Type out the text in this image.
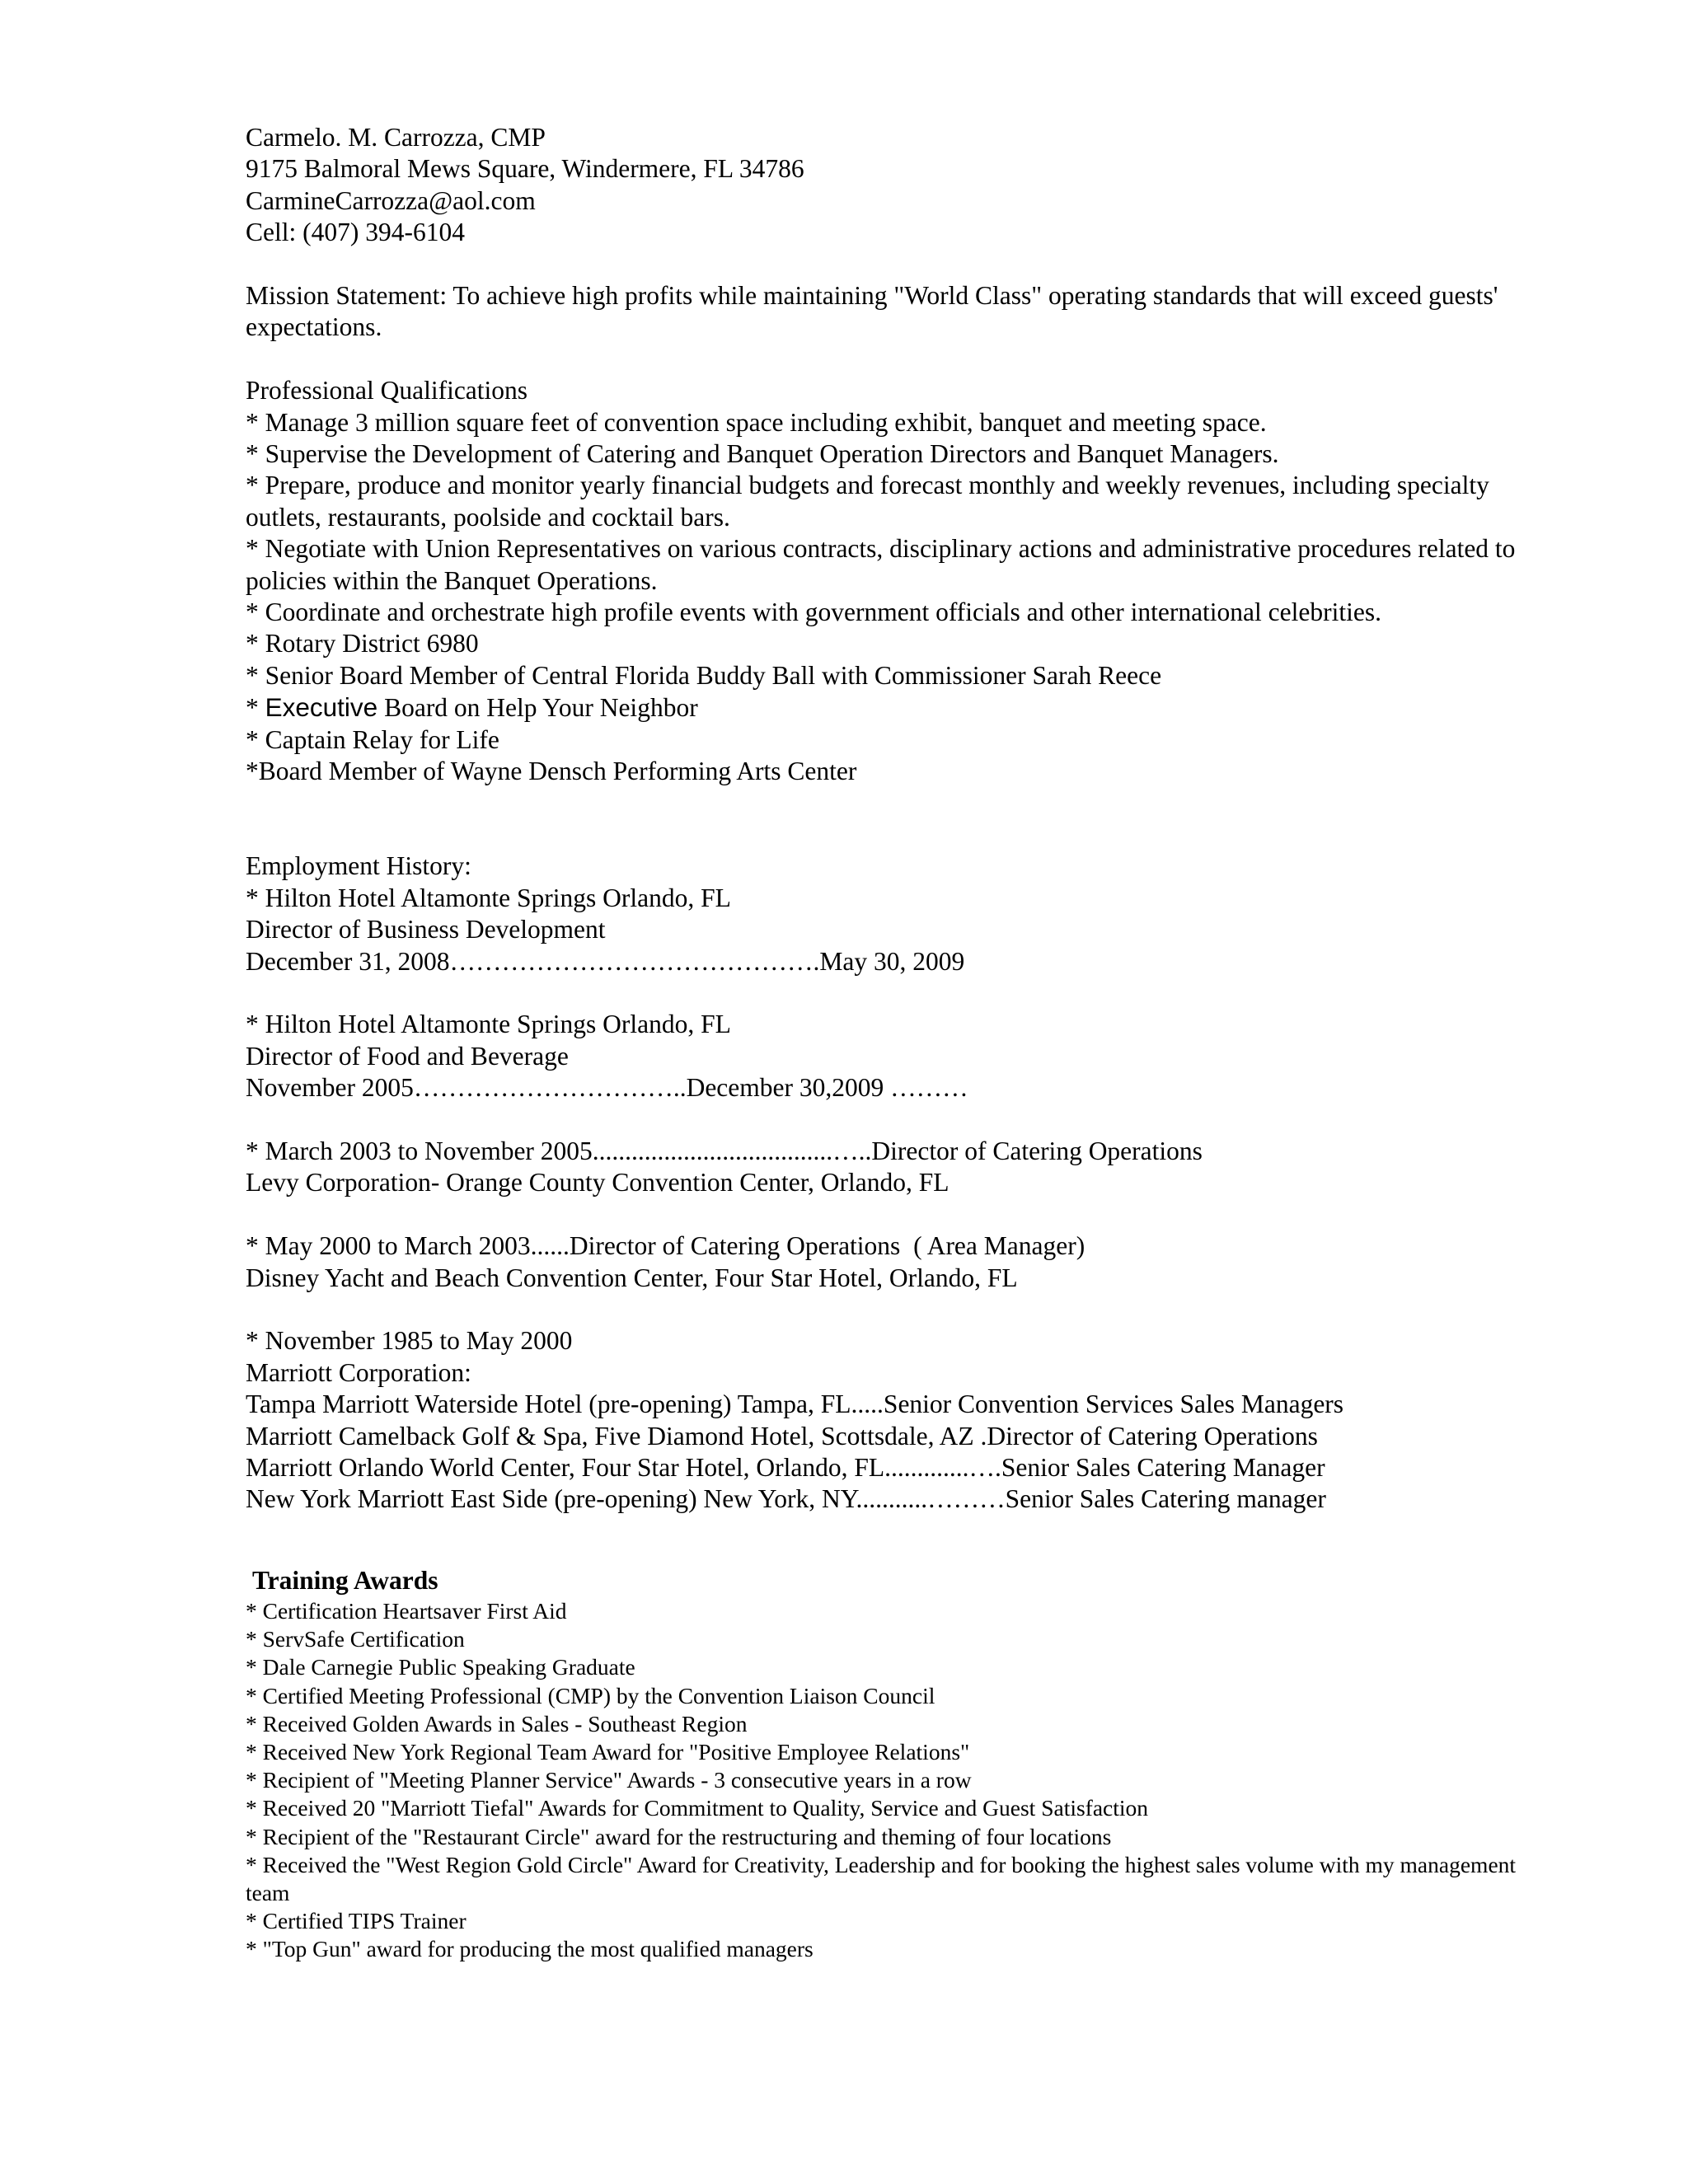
Carmelo. M. Carrozza, CMP
9175 Balmoral Mews Square, Windermere, FL 34786
CarmineCarrozza@aol.com
Cell: (407) 394-6104
Mission Statement: To achieve high profits while maintaining "World Class" operating standards that will exceed guests' expectations.
Professional Qualifications
* Manage 3 million square feet of convention space including exhibit, banquet and meeting space.
* Supervise the Development of Catering and Banquet Operation Directors and Banquet Managers.
* Prepare, produce and monitor yearly financial budgets and forecast monthly and weekly revenues, including specialty outlets, restaurants, poolside and cocktail bars.
* Negotiate with Union Representatives on various contracts, disciplinary actions and administrative procedures related to policies within the Banquet Operations.
* Coordinate and orchestrate high profile events with government officials and other international celebrities.
* Rotary District 6980
* Senior Board Member of Central Florida Buddy Ball with Commissioner Sarah Reece
* Executive Board on Help Your Neighbor
* Captain Relay for Life
*Board Member of Wayne Densch Performing Arts Center
Employment History:
* Hilton Hotel Altamonte Springs Orlando, FL
Director of Business Development
December 31, 2008…………………………………….May 30, 2009
* Hilton Hotel Altamonte Springs Orlando, FL
Director of Food and Beverage
November 2005…………………………..December 30,2009 ………
* March 2003 to November 2005.....................................…..Director of Catering Operations
Levy Corporation- Orange County Convention Center, Orlando, FL
* May 2000 to March 2003......Director of Catering Operations  ( Area Manager)
Disney Yacht and Beach Convention Center, Four Star Hotel, Orlando, FL
* November 1985 to May 2000
Marriott Corporation:
Tampa Marriott Waterside Hotel (pre-opening) Tampa, FL.....Senior Convention Services Sales Managers
Marriott Camelback Golf & Spa, Five Diamond Hotel, Scottsdale, AZ .Director of Catering Operations
Marriott Orlando World Center, Four Star Hotel, Orlando, FL.............….Senior Sales Catering Manager
New York Marriott East Side (pre-opening) New York, NY...........………Senior Sales Catering manager
Training Awards
* Certification Heartsaver First Aid
* ServSafe Certification
* Dale Carnegie Public Speaking Graduate
* Certified Meeting Professional (CMP) by the Convention Liaison Council
* Received Golden Awards in Sales - Southeast Region
* Received New York Regional Team Award for "Positive Employee Relations"
* Recipient of "Meeting Planner Service" Awards - 3 consecutive years in a row
* Received 20 "Marriott Tiefal" Awards for Commitment to Quality, Service and Guest Satisfaction
* Recipient of the "Restaurant Circle" award for the restructuring and theming of four locations
* Received the "West Region Gold Circle" Award for Creativity, Leadership and for booking the highest sales volume with my management team
* Certified TIPS Trainer
* "Top Gun" award for producing the most qualified managers
